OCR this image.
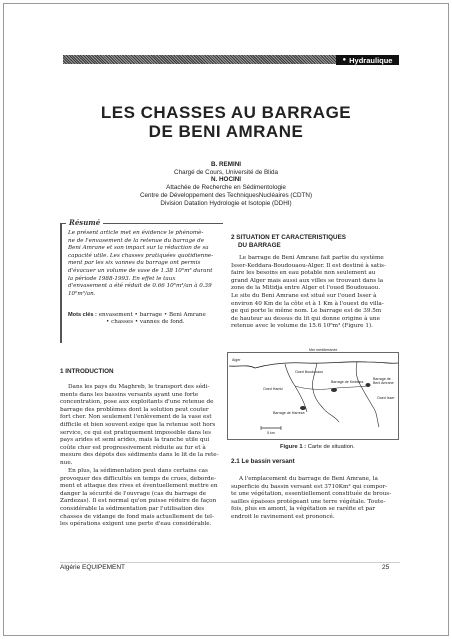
● Hydraulique
LES CHASSES AU BARRAGE
DE BENI AMRANE
B. REMINI
Chargé de Cours, Université de Blida
N. HOCINI
Attachée de Recherche en Sédimentologie
Centre de Développement des TechniquesNucléaires (CDTN)
Division Datation Hydrologie et Isotopie (DDHI)
Résumé
Le présent article met en évidence le phénomè-
ne de l'envasement de la retenue du barrage de
Beni Amrane et son impact sur la réduction de sa
capacité utile. Les chasses pratiquées quotidienne-
ment par les six vannes du barrage ont permis
d'évacuer un volume de vase de 1.38 10⁶m³ durant
la période 1988-1993. En effet le taux
d'envasement a été réduit de 0.66 10⁶m³/an à 0.39
10⁶m³/an.
Mots clés : envasement • barrage • Beni Amrane
• chasses • vannes de fond.
2 SITUATION ET CARACTERISTIQUES
DU BARRAGE
Le barrage de Beni Amrane fait partie du système
Isser-Keddara-Boudouaou-Alger. Il est destiné à satis-
faire les besoins en eau potable non seulement au
grand Alger mais aussi aux villes se trouvant dans la
zone de la Mitidja entre Alger et l'oued Boudouaou.
Le site du Beni Amrane est situé sur l'oued Isser à
environ 40 Km de la côte et à 1 Km à l'ouest du villa-
ge qui porte le même nom. Le barrage est de 39.5m
de hauteur au dessus du lit qui donne origine à une
retenue avec le volume de 15.6 10⁶m³ (Figure 1).
1 INTRODUCTION
Dans les pays du Maghreb, le transport des sédi-
ments dans les bassins versants ayant une forte
concentration, pose aux exploitants d'une retenue de
barrage des problèmes dont la solution peut couter
fort cher. Non seulement l'enlèvement de la vase est
difficile et bien souvent exige que la retenue soit hors
service, ce qui est pratiquement impossible dans les
pays arides et semi arides, mais la tranche utile qui
coûte cher est progressivement réduite au fur et à
mesure des dépots des sédiments dans le lit de la rete-
nue.
En plus, la sédimentation peut dans certains cas
provoquer des difficultés en temps de crues, deborde-
ment et attaque des rives et éventuellement mettre en
danger la sécurité de l'ouvrage (cas du barrage de
Zardezas). Il est normal qu'on puisse réduire de façon
considérable la sédimentation par l'utilisation des
chasses de vidange de fond mais actuellement de tel-
les opérations exigent une perte d'eau considérable.
Mer méditerranée
Alger
Oued Boudouaou
Oued Hamiz
Barrage de Keddara
Barrage de Beni Amrane
Barrage de Harreza
Oued Isser
5 km
Figure 1 : Carte de situation.
2.1 Le bassin versant
A l'emplacement du barrage de Beni Amrane, la
superficie du bassin versant est 3710Km² qui compor-
te une végétation, essentiellement constituée de brous-
sailles épaisses protégeant une terre végétale. Toute-
fois, plus en amont, la végétation se raréfie et par
endroit le ravinement est prononcé.
Algérie EQUIPEMENT	25
